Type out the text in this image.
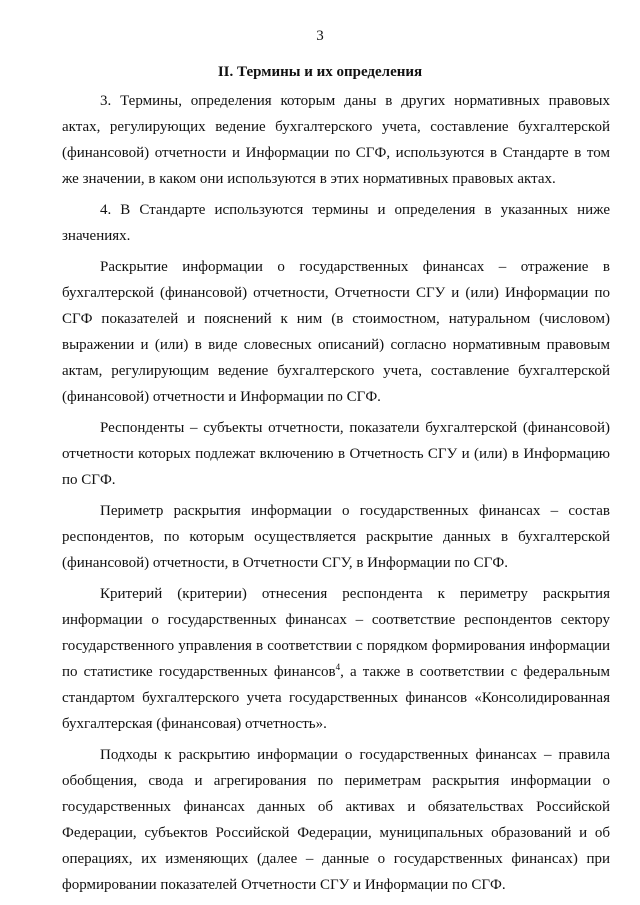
3
II. Термины и их определения

3. Термины, определения которым даны в других нормативных правовых актах, регулирующих ведение бухгалтерского учета, составление бухгалтерской (финансовой) отчетности и Информации по СГФ, используются в Стандарте в том же значении, в каком они используются в этих нормативных правовых актах.

4. В Стандарте используются термины и определения в указанных ниже значениях.

Раскрытие информации о государственных финансах – отражение в бухгалтерской (финансовой) отчетности, Отчетности СГУ и (или) Информации по СГФ показателей и пояснений к ним (в стоимостном, натуральном (числовом) выражении и (или) в виде словесных описаний) согласно нормативным правовым актам, регулирующим ведение бухгалтерского учета, составление бухгалтерской (финансовой) отчетности и Информации по СГФ.

Респонденты – субъекты отчетности, показатели бухгалтерской (финансовой) отчетности которых подлежат включению в Отчетность СГУ и (или) в Информацию по СГФ.

Периметр раскрытия информации о государственных финансах – состав респондентов, по которым осуществляется раскрытие данных в бухгалтерской (финансовой) отчетности, в Отчетности СГУ, в Информации по СГФ.

Критерий (критерии) отнесения респондента к периметру раскрытия информации о государственных финансах – соответствие респондентов сектору государственного управления в соответствии с порядком формирования информации по статистике государственных финансов$^4$, а также в соответствии с федеральным стандартом бухгалтерского учета государственных финансов «Консолидированная бухгалтерская (финансовая) отчетность».

Подходы к раскрытию информации о государственных финансах – правила обобщения, свода и агрегирования по периметрам раскрытия информации о государственных финансах данных об активах и обязательствах Российской Федерации, субъектов Российской Федерации, муниципальных образований и об операциях, их изменяющих (далее – данные о государственных финансах) при формировании показателей Отчетности СГУ и Информации по СГФ.
